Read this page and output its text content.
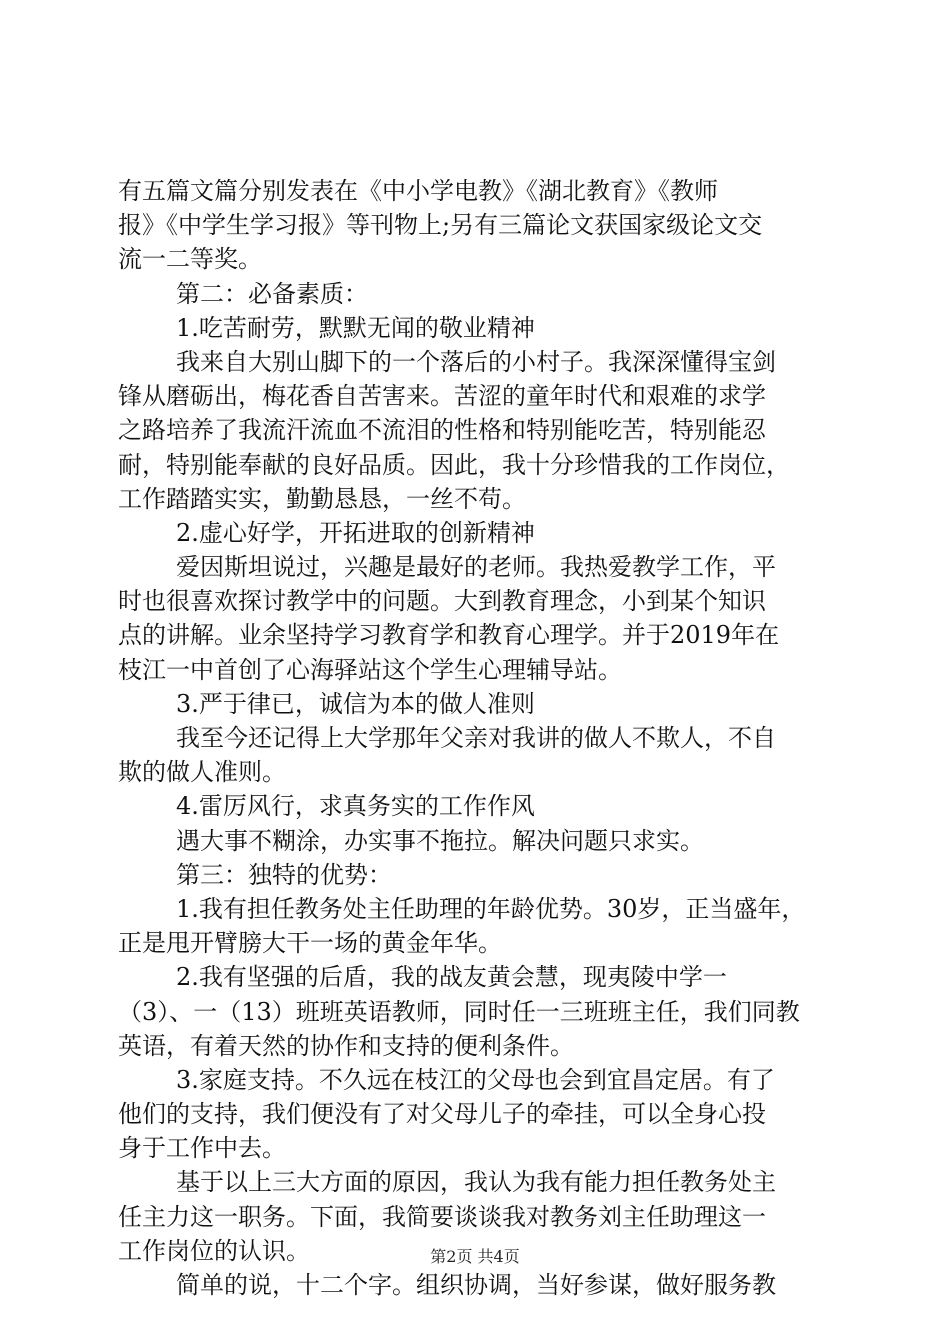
有五篇文篇分别发表在《中小学电教》《湖北教育》《教师
报》《中学生学习报》等刊物上;另有三篇论文获国家级论文交
流一二等奖。
第二：必备素质：
1.吃苦耐劳，默默无闻的敬业精神
我来自大别山脚下的一个落后的小村子。我深深懂得宝剑
锋从磨砺出，梅花香自苦害来。苦涩的童年时代和艰难的求学
之路培养了我流汗流血不流泪的性格和特别能吃苦，特别能忍
耐，特别能奉献的良好品质。因此，我十分珍惜我的工作岗位，
工作踏踏实实，勤勤恳恳，一丝不苟。
2.虚心好学，开拓进取的创新精神
爱因斯坦说过，兴趣是最好的老师。我热爱教学工作，平
时也很喜欢探讨教学中的问题。大到教育理念，小到某个知识
点的讲解。业余坚持学习教育学和教育心理学。并于2019年在
枝江一中首创了心海驿站这个学生心理辅导站。
3.严于律已，诚信为本的做人准则
我至今还记得上大学那年父亲对我讲的做人不欺人，不自
欺的做人准则。
4.雷厉风行，求真务实的工作作风
遇大事不糊涂，办实事不拖拉。解决问题只求实。
第三：独特的优势：
1.我有担任教务处主任助理的年龄优势。30岁，正当盛年，
正是甩开臂膀大干一场的黄金年华。
2.我有坚强的后盾，我的战友黄会慧，现夷陵中学一
（3）、一（13）班班英语教师，同时任一三班班主任，我们同教
英语，有着天然的协作和支持的便利条件。
3.家庭支持。不久远在枝江的父母也会到宜昌定居。有了
他们的支持，我们便没有了对父母儿子的牵挂，可以全身心投
身于工作中去。
基于以上三大方面的原因，我认为我有能力担任教务处主
任主力这一职务。下面，我简要谈谈我对教务刘主任助理这一
工作岗位的认识。
简单的说，十二个字。组织协调，当好参谋，做好服务教
第2页 共4页
